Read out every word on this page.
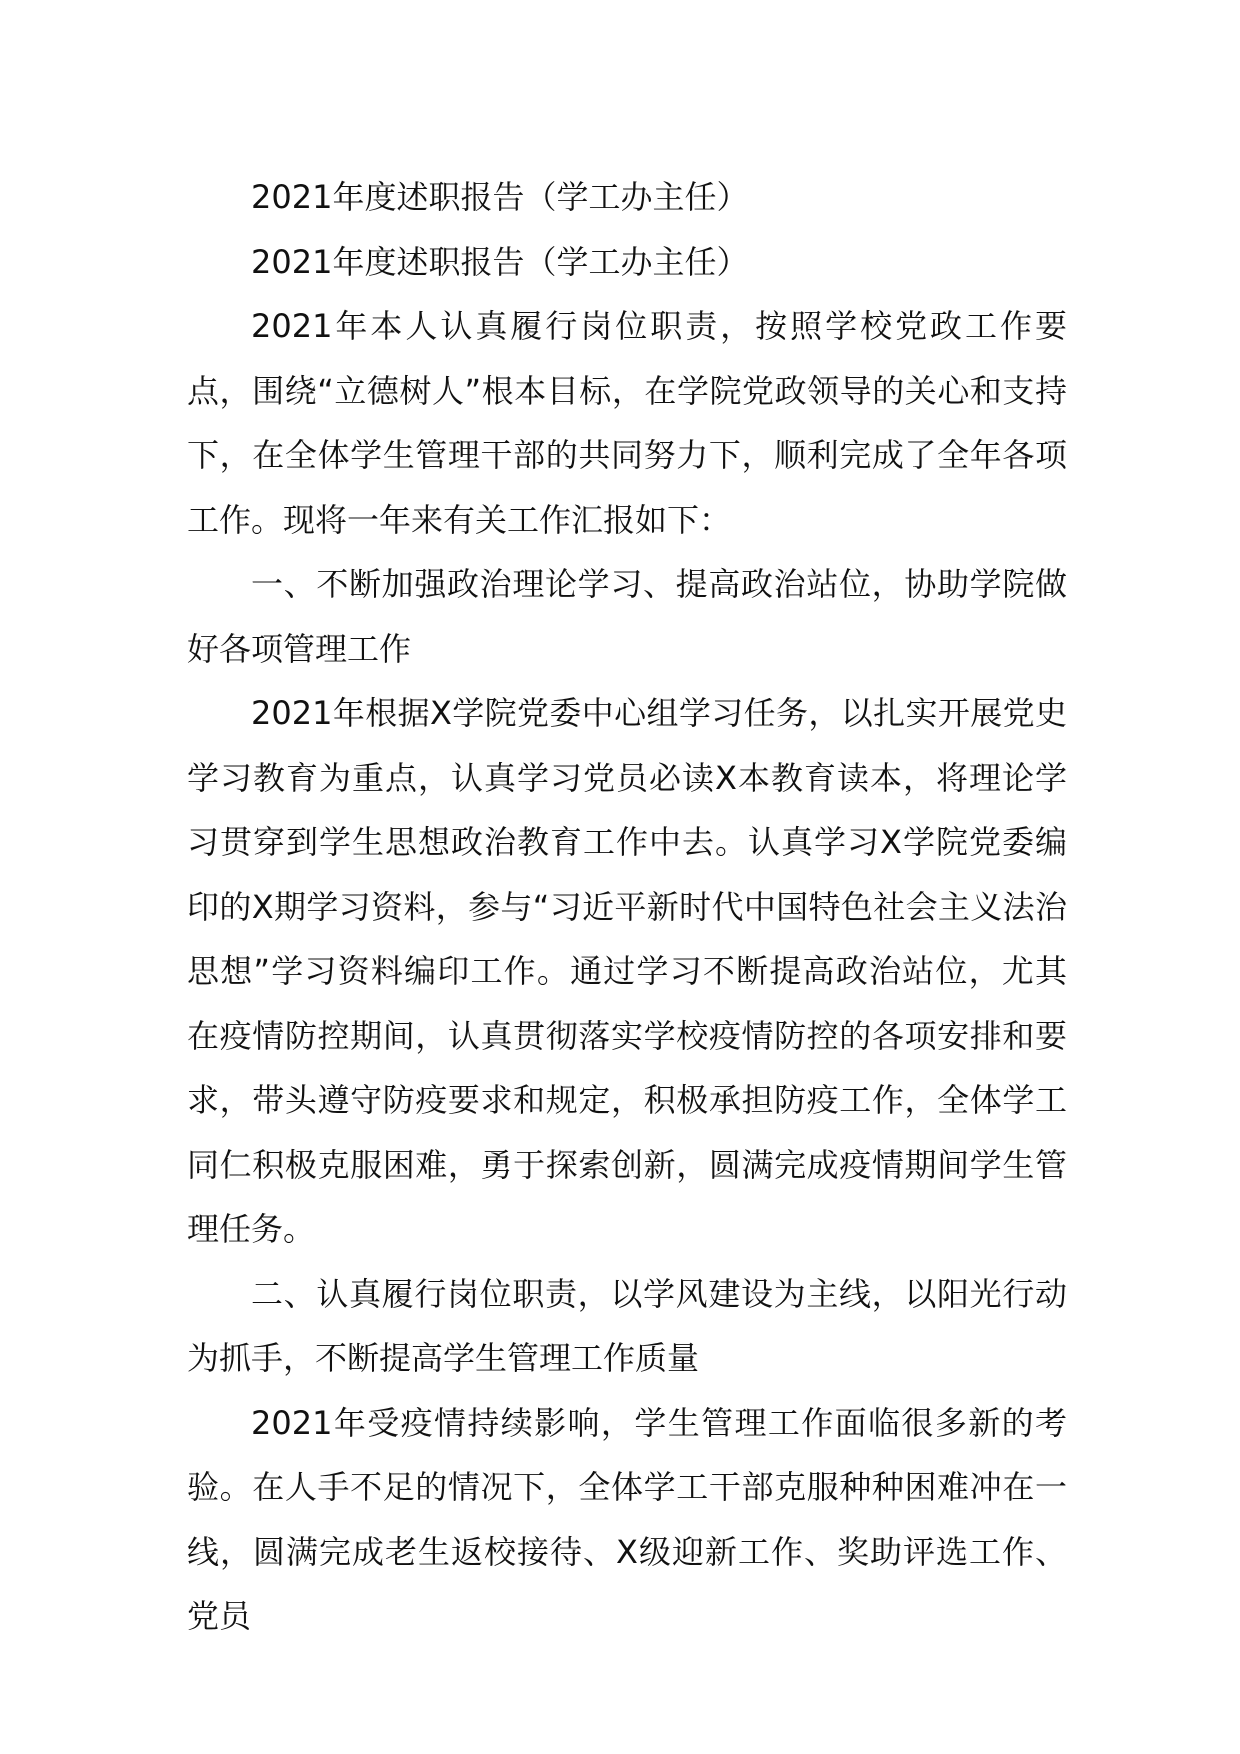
2021年度述职报告（学工办主任）

2021年度述职报告（学工办主任）

2021年本人认真履行岗位职责，按照学校党政工作要点，围绕“立德树人”根本目标，在学院党政领导的关心和支持下，在全体学生管理干部的共同努力下，顺利完成了全年各项工作。现将一年来有关工作汇报如下：

一、不断加强政治理论学习、提高政治站位，协助学院做好各项管理工作

2021年根据X学院党委中心组学习任务，以扎实开展党史学习教育为重点，认真学习党员必读X本教育读本，将理论学习贯穿到学生思想政治教育工作中去。认真学习X学院党委编印的X期学习资料，参与“习近平新时代中国特色社会主义法治思想”学习资料编印工作。通过学习不断提高政治站位，尤其在疫情防控期间，认真贯彻落实学校疫情防控的各项安排和要求，带头遵守防疫要求和规定，积极承担防疫工作，全体学工同仁积极克服困难，勇于探索创新，圆满完成疫情期间学生管理任务。

二、认真履行岗位职责，以学风建设为主线，以阳光行动为抓手，不断提高学生管理工作质量

2021年受疫情持续影响，学生管理工作面临很多新的考验。在人手不足的情况下，全体学工干部克服种种困难冲在一线，圆满完成老生返校接待、X级迎新工作、奖助评选工作、党员
